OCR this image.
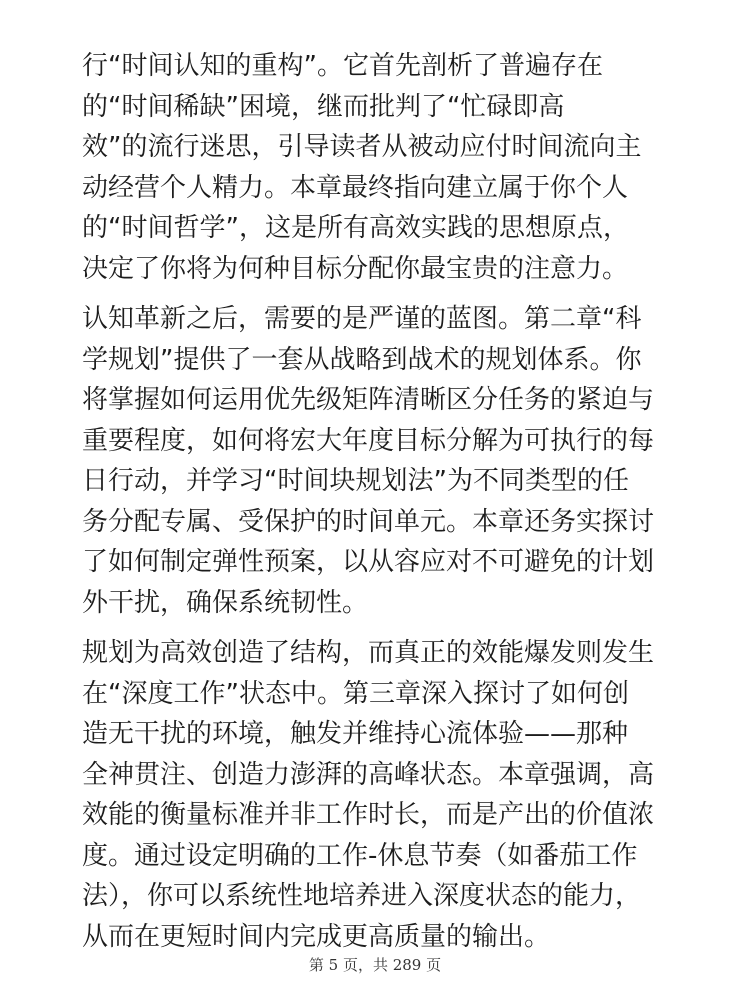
行“时间认知的重构”。它首先剖析了普遍存在
的“时间稀缺”困境，继而批判了“忙碌即高
效”的流行迷思，引导读者从被动应付时间流向主
动经营个人精力。本章最终指向建立属于你个人
的“时间哲学”，这是所有高效实践的思想原点，
决定了你将为何种目标分配你最宝贵的注意力。

认知革新之后，需要的是严谨的蓝图。第二章“科
学规划”提供了一套从战略到战术的规划体系。你
将掌握如何运用优先级矩阵清晰区分任务的紧迫与
重要程度，如何将宏大年度目标分解为可执行的每
日行动，并学习“时间块规划法”为不同类型的任
务分配专属、受保护的时间单元。本章还务实探讨
了如何制定弹性预案，以从容应对不可避免的计划
外干扰，确保系统韧性。

规划为高效创造了结构，而真正的效能爆发则发生
在“深度工作”状态中。第三章深入探讨了如何创
造无干扰的环境，触发并维持心流体验——那种
全神贯注、创造力澎湃的高峰状态。本章强调，高
效能的衡量标准并非工作时长，而是产出的价值浓
度。通过设定明确的工作-休息节奏（如番茄工作
法），你可以系统性地培养进入深度状态的能力，
从而在更短时间内完成更高质量的输出。

第 5 页，共 289 页
